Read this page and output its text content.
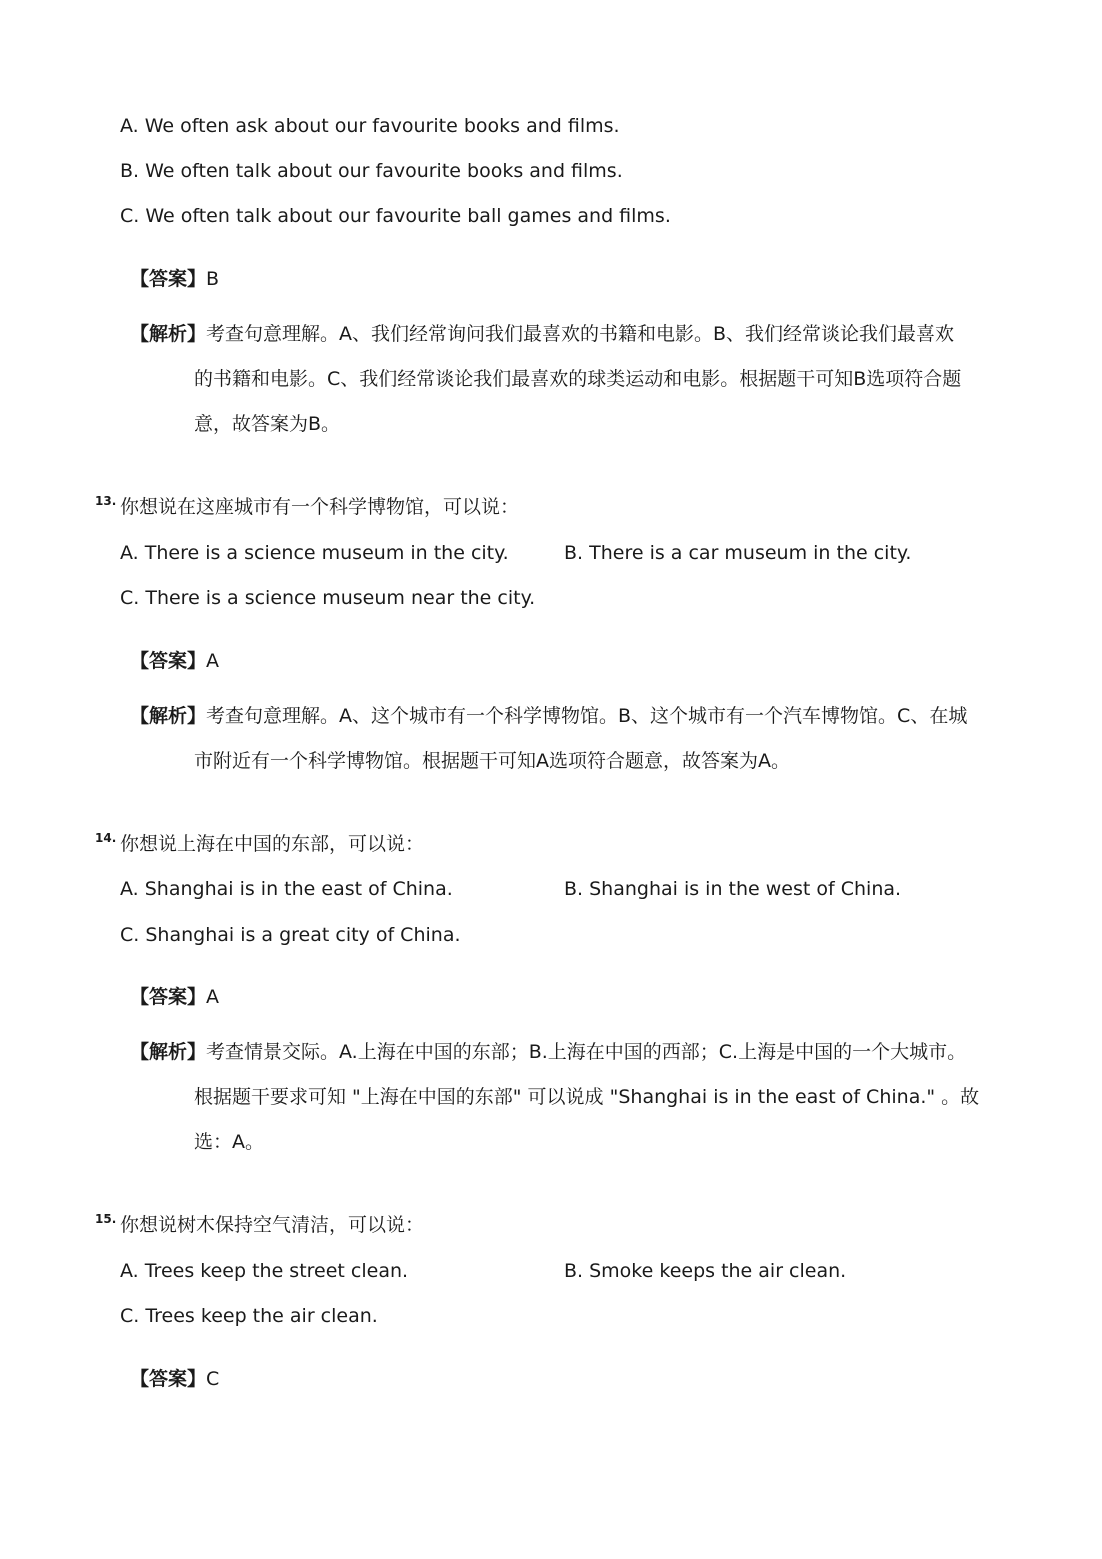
A. We often ask about our favourite books and films.
B. We often talk about our favourite books and films.
C. We often talk about our favourite ball games and films.
【答案】B
【解析】考查句意理解。A、我们经常询问我们最喜欢的书籍和电影。B、我们经常谈论我们最喜欢
的书籍和电影。C、我们经常谈论我们最喜欢的球类运动和电影。根据题干可知B选项符合题
意，故答案为B。
13. 你想说在这座城市有一个科学博物馆，可以说：
A. There is a science museum in the city.	B. There is a car museum in the city.
C. There is a science museum near the city.
【答案】A
【解析】考查句意理解。A、这个城市有一个科学博物馆。B、这个城市有一个汽车博物馆。C、在城
市附近有一个科学博物馆。根据题干可知A选项符合题意，故答案为A。
14. 你想说上海在中国的东部，可以说：
A. Shanghai is in the east of China.	B. Shanghai is in the west of China.
C. Shanghai is a great city of China.
【答案】A
【解析】考查情景交际。A.上海在中国的东部；B.上海在中国的西部；C.上海是中国的一个大城市。
根据题干要求可知 "上海在中国的东部" 可以说成 "Shanghai is in the east of China." 。故
选：A。
15. 你想说树木保持空气清洁，可以说：
A. Trees keep the street clean.	B. Smoke keeps the air clean.
C. Trees keep the air clean.
【答案】C
